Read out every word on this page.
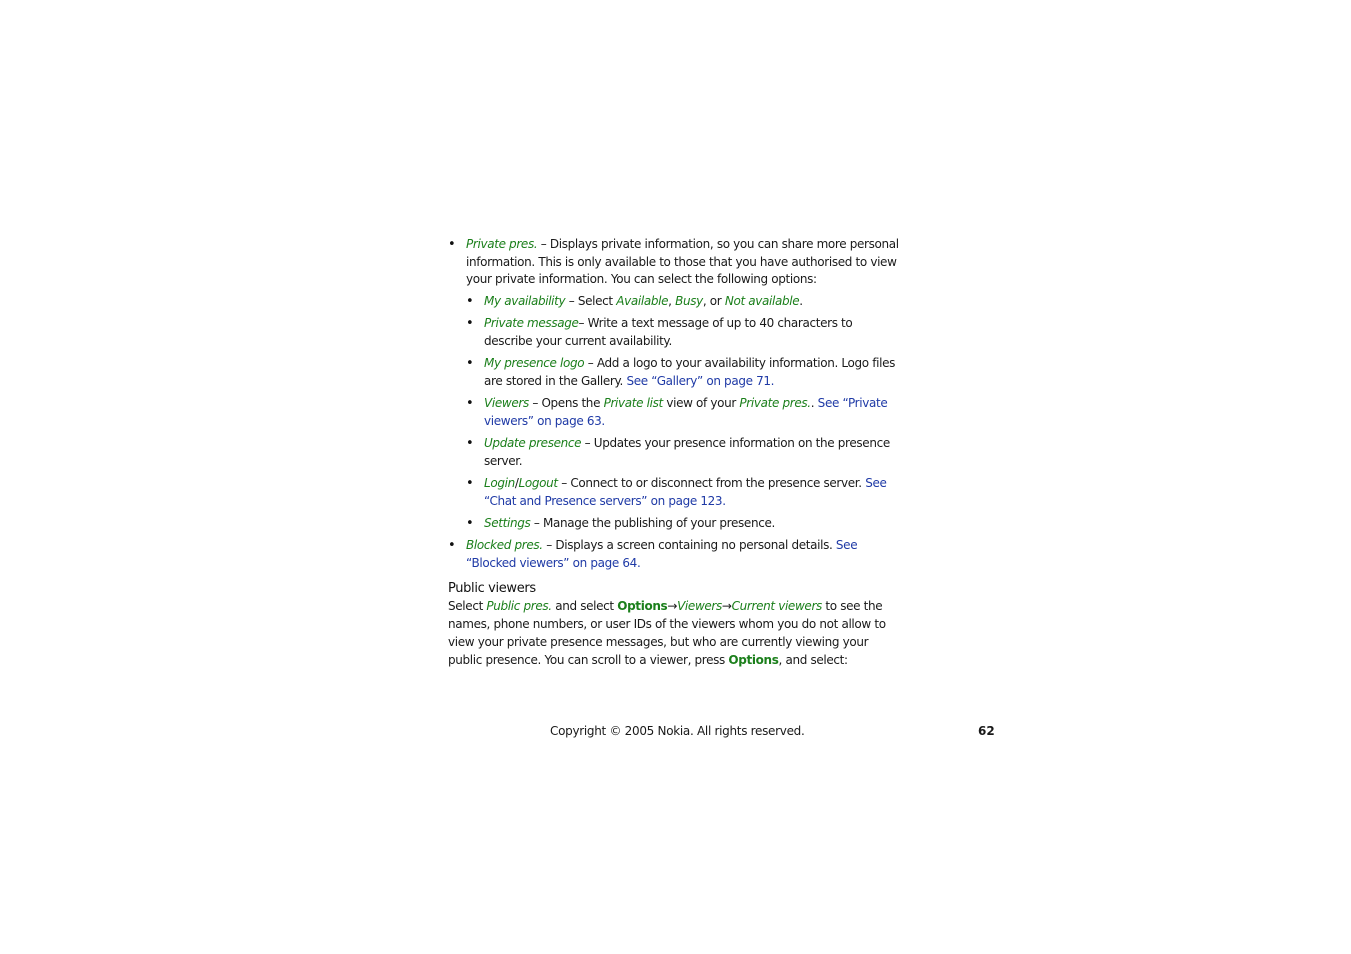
• Private pres. – Displays private information, so you can share more personal information. This is only available to those that you have authorised to view your private information. You can select the following options:
• My availability – Select Available, Busy, or Not available.
• Private message– Write a text message of up to 40 characters to describe your current availability.
• My presence logo – Add a logo to your availability information. Logo files are stored in the Gallery. See “Gallery” on page 71.
• Viewers – Opens the Private list view of your Private pres.. See “Private viewers” on page 63.
• Update presence – Updates your presence information on the presence server.
• Login/Logout – Connect to or disconnect from the presence server. See “Chat and Presence servers” on page 123.
• Settings – Manage the publishing of your presence.
• Blocked pres. – Displays a screen containing no personal details. See “Blocked viewers” on page 64.
Public viewers

Select Public pres. and select Options→Viewers→Current viewers to see the names, phone numbers, or user IDs of the viewers whom you do not allow to view your private presence messages, but who are currently viewing your public presence. You can scroll to a viewer, press Options, and select:

Copyright © 2005 Nokia. All rights reserved.	62
